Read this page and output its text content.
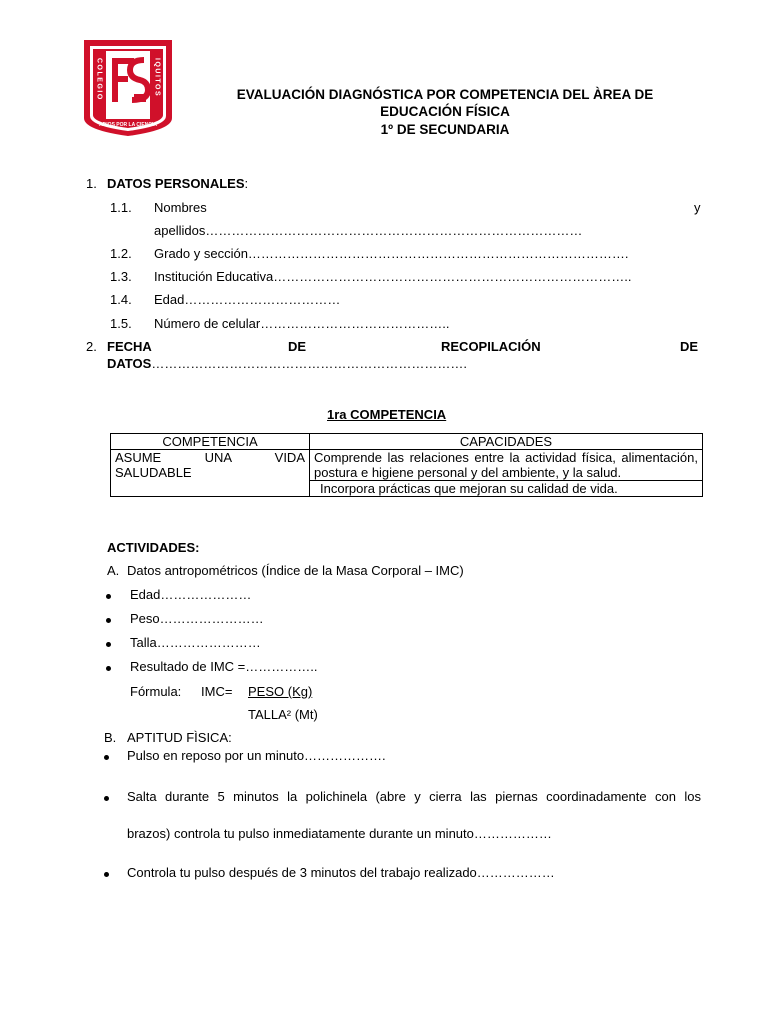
COLEGIO	IQUITOS
ADIOS POR LA CIENCIA
EVALUACIÓN DIAGNÓSTICA POR COMPETENCIA DEL ÀREA DE
EDUCACIÓN FÍSICA
1º DE SECUNDARIA
1. DATOS PERSONALES:
1.1. Nombres	y
apellidos……………………………………………………………………………
1.2. Grado y sección…………………………………………………………………………….
1.3. Institución Educativa………………………………………………………………………..
1.4. Edad………………………………
1.5. Número de celular……………………………………..
2. FECHA	DE	RECOPILACIÓN	DE
DATOS……………………………………………………………….
1ra COMPETENCIA
COMPETENCIA	CAPACIDADES

ASUME UNA VIDA
SALUDABLE	Comprende las relaciones entre la actividad física, alimentación, postura e higiene personal y del ambiente, y la salud.
	Incorpora prácticas que mejoran su calidad de vida.
ACTIVIDADES:
A. Datos antropométricos (Índice de la Masa Corporal – IMC)
Edad…………………
Peso……………………
Talla……………………
Resultado de IMC =……………..
Fórmula: IMC= PESO (Kg)
TALLA² (Mt)
B. APTITUD FÌSICA:
Pulso en reposo por un minuto……………….
Salta durante 5 minutos la polichinela (abre y cierra las piernas coordinadamente con los
brazos) controla tu pulso inmediatamente durante un minuto………………
Controla tu pulso después de 3 minutos del trabajo realizado………………
